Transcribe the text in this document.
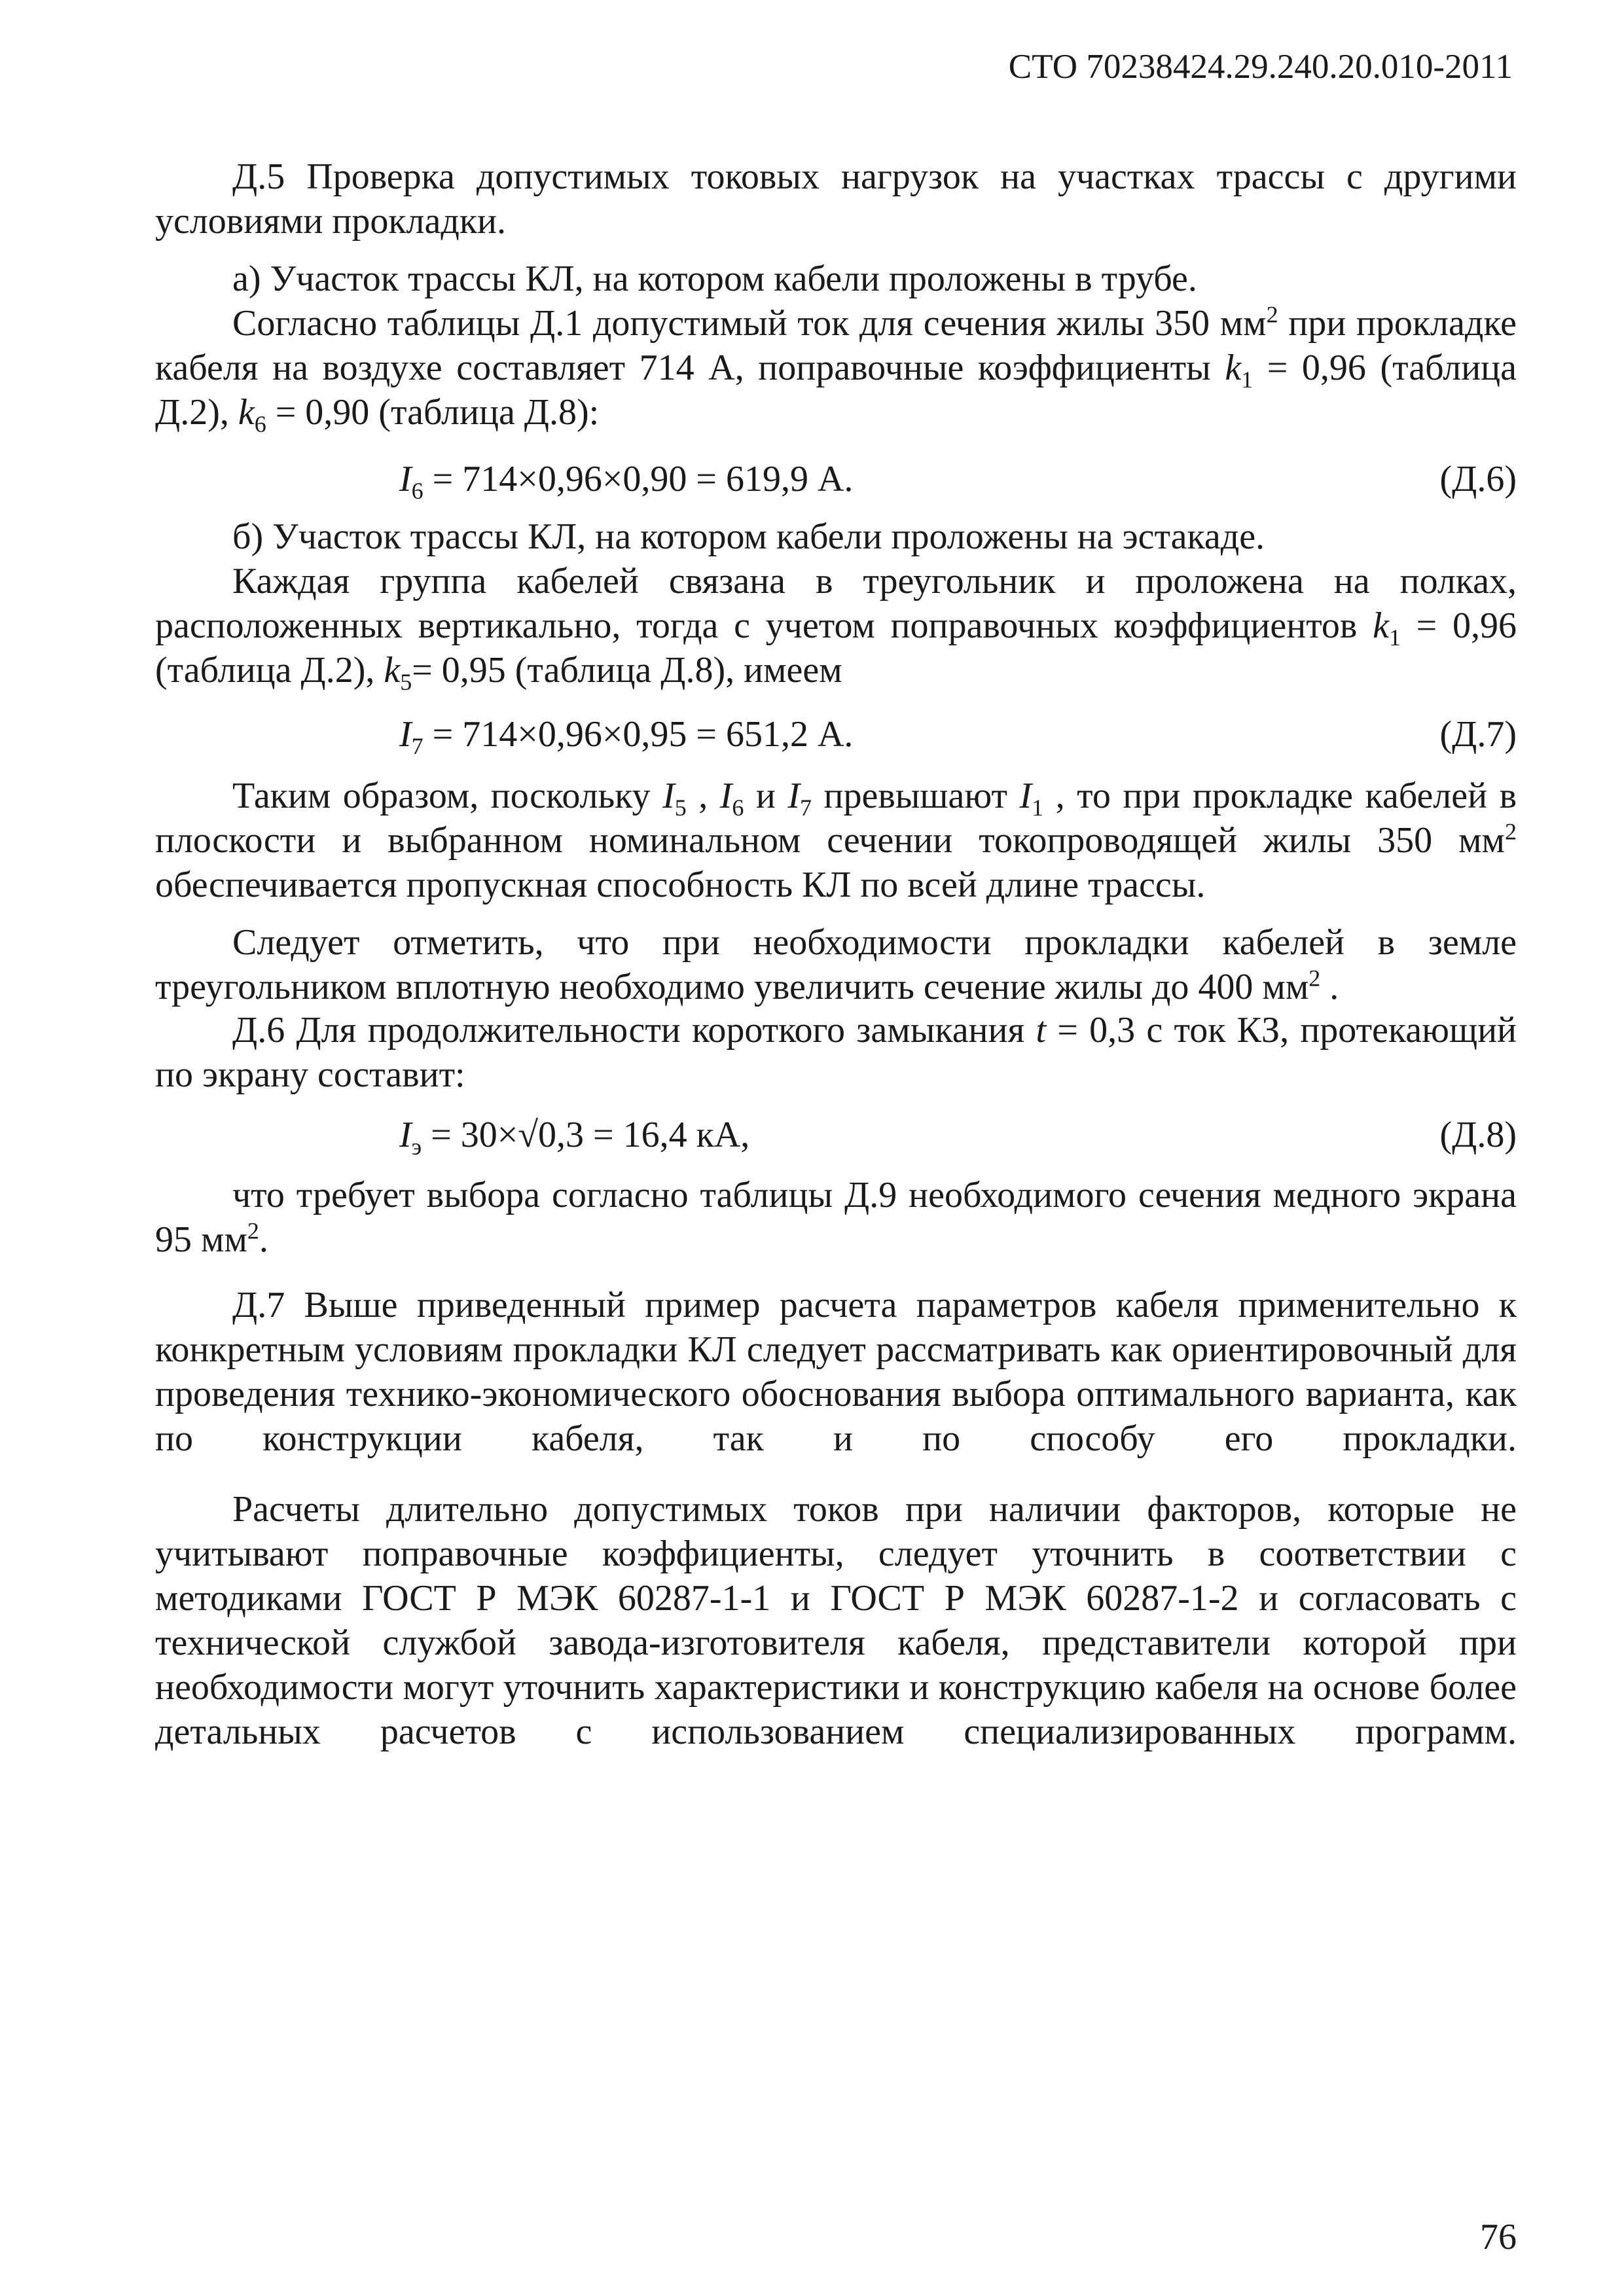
СТО 70238424.29.240.20.010-2011

Д.5 Проверка допустимых токовых нагрузок на участках трассы с другими условиями прокладки.

а) Участок трассы КЛ, на котором кабели проложены в трубе.

Согласно таблицы Д.1 допустимый ток для сечения жилы 350 $мм^2$ при прокладке кабеля на воздухе составляет 714 А, поправочные коэффициенты $k_1 = 0,96$ (таблица Д.2), $k_6 = 0,90$ (таблица Д.8):

$I_6 = 714\times 0,96\times 0,90 = 619,9$ А.	(Д.6)

б) Участок трассы КЛ, на котором кабели проложены на эстакаде.

Каждая группа кабелей связана в треугольник и проложена на полках, расположенных вертикально, тогда с учетом поправочных коэффициентов $k_1 = 0,96$ (таблица Д.2), $k_5= 0,95$ (таблица Д.8), имеем

$I_7 = 714\times 0,96\times 0,95 = 651,2$ А.	(Д.7)

Таким образом, поскольку $I_5$ , $I_6$ и $I_7$ превышают $I_1$ , то при прокладке кабелей в плоскости и выбранном номинальном сечении токопроводящей жилы 350 $мм^2$ обеспечивается пропускная способность КЛ по всей длине трассы.

Следует отметить, что при необходимости прокладки кабелей в земле треугольником вплотную необходимо увеличить сечение жилы до 400 $мм^2$ .

Д.6 Для продолжительности короткого замыкания t = 0,3 с ток КЗ, протекающий по экрану составит:

$I_э = 30\times√0,3 = 16,4$ кА,	(Д.8)

что требует выбора согласно таблицы Д.9 необходимого сечения медного экрана 95 $мм^2$.

Д.7 Выше приведенный пример расчета параметров кабеля применительно к конкретным условиям прокладки КЛ следует рассматривать как ориентировочный для проведения технико-экономического обоснования выбора оптимального варианта, как по конструкции кабеля, так и по способу его прокладки.

Расчеты длительно допустимых токов при наличии факторов, которые не учитывают поправочные коэффициенты, следует уточнить в соответствии с методиками ГОСТ Р МЭК 60287-1-1 и ГОСТ Р МЭК 60287-1-2 и согласовать с технической службой завода-изготовителя кабеля, представители которой при необходимости могут уточнить характеристики и конструкцию кабеля на основе более детальных расчетов с использованием специализированных программ.

76
